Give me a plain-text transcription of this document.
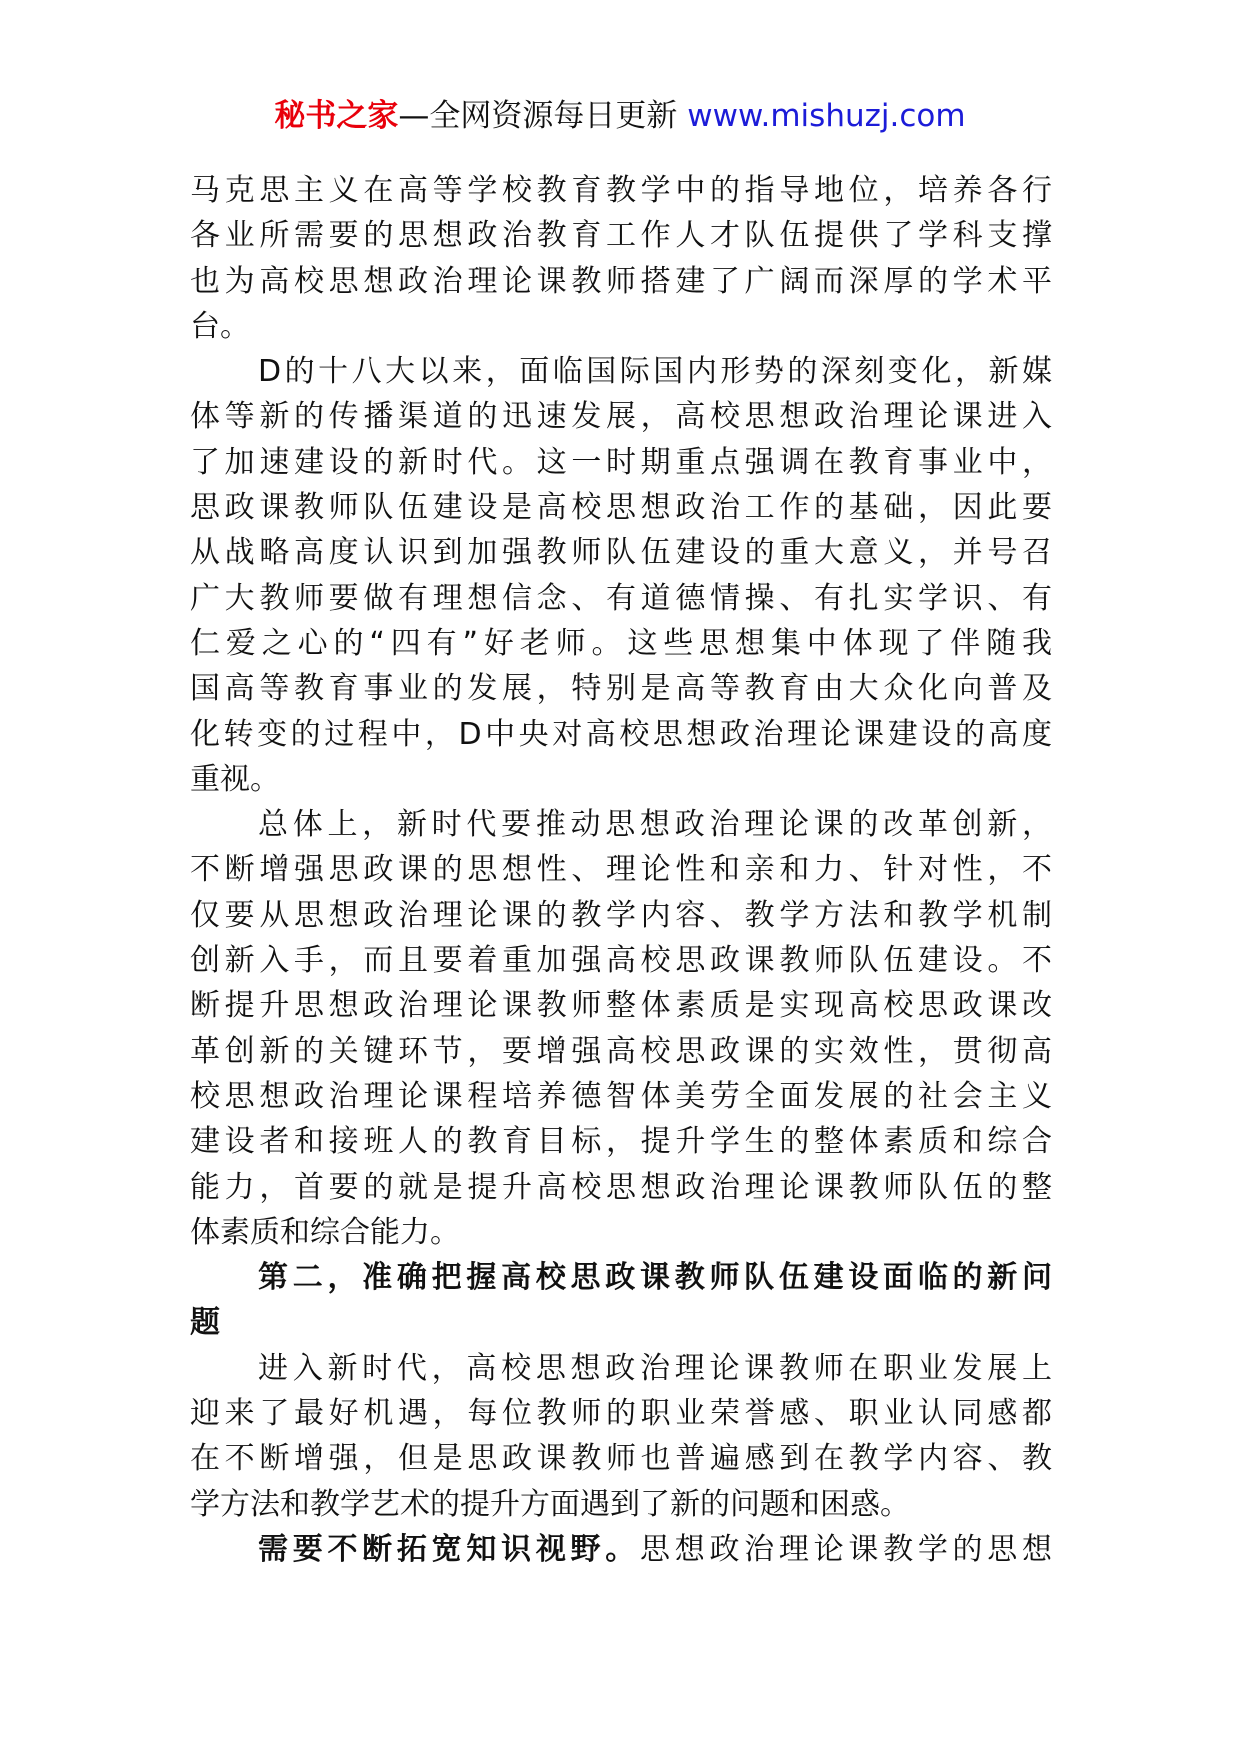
秘书之家—全网资源每日更新 www.mishuzj.com
马克思主义在高等学校教育教学中的指导地位，培养各行
各业所需要的思想政治教育工作人才队伍提供了学科支撑
也为高校思想政治理论课教师搭建了广阔而深厚的学术平
台。
D的十八大以来，面临国际国内形势的深刻变化，新媒
体等新的传播渠道的迅速发展，高校思想政治理论课进入
了加速建设的新时代。这一时期重点强调在教育事业中，
思政课教师队伍建设是高校思想政治工作的基础，因此要
从战略高度认识到加强教师队伍建设的重大意义，并号召
广大教师要做有理想信念、有道德情操、有扎实学识、有
仁爱之心的“四有”好老师。这些思想集中体现了伴随我
国高等教育事业的发展，特别是高等教育由大众化向普及
化转变的过程中，D中央对高校思想政治理论课建设的高度
重视。
总体上，新时代要推动思想政治理论课的改革创新，
不断增强思政课的思想性、理论性和亲和力、针对性，不
仅要从思想政治理论课的教学内容、教学方法和教学机制
创新入手，而且要着重加强高校思政课教师队伍建设。不
断提升思想政治理论课教师整体素质是实现高校思政课改
革创新的关键环节，要增强高校思政课的实效性，贯彻高
校思想政治理论课程培养德智体美劳全面发展的社会主义
建设者和接班人的教育目标，提升学生的整体素质和综合
能力，首要的就是提升高校思想政治理论课教师队伍的整
体素质和综合能力。
第二，准确把握高校思政课教师队伍建设面临的新问
题
进入新时代，高校思想政治理论课教师在职业发展上
迎来了最好机遇，每位教师的职业荣誉感、职业认同感都
在不断增强，但是思政课教师也普遍感到在教学内容、教
学方法和教学艺术的提升方面遇到了新的问题和困惑。
需要不断拓宽知识视野。思想政治理论课教学的思想
